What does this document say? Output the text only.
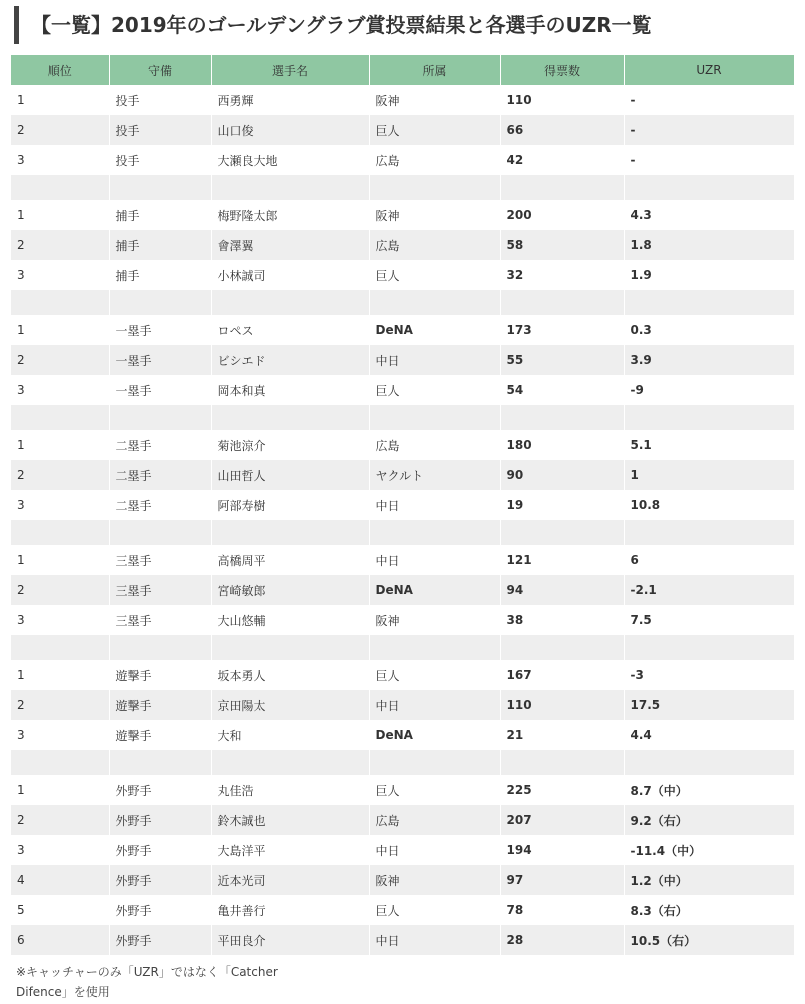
【一覧】2019年のゴールデングラブ賞投票結果と各選手のUZR一覧
順位	守備	選手名	所属	得票数	UZR
1	投手	西勇輝	阪神	110	-
2	投手	山口俊	巨人	66	-
3	投手	大瀬良大地	広島	42	-

1	捕手	梅野隆太郎	阪神	200	4.3
2	捕手	會澤翼	広島	58	1.8
3	捕手	小林誠司	巨人	32	1.9

1	一塁手	ロペス	DeNA	173	0.3
2	一塁手	ビシエド	中日	55	3.9
3	一塁手	岡本和真	巨人	54	-9

1	二塁手	菊池涼介	広島	180	5.1
2	二塁手	山田哲人	ヤクルト	90	1
3	二塁手	阿部寿樹	中日	19	10.8

1	三塁手	高橋周平	中日	121	6
2	三塁手	宮崎敏郎	DeNA	94	-2.1
3	三塁手	大山悠輔	阪神	38	7.5

1	遊撃手	坂本勇人	巨人	167	-3
2	遊撃手	京田陽太	中日	110	17.5
3	遊撃手	大和	DeNA	21	4.4

1	外野手	丸佳浩	巨人	225	8.7（中）
2	外野手	鈴木誠也	広島	207	9.2（右）
3	外野手	大島洋平	中日	194	-11.4（中）
4	外野手	近本光司	阪神	97	1.2（中）
5	外野手	亀井善行	巨人	78	8.3（右）
6	外野手	平田良介	中日	28	10.5（右）
※キャッチャーのみ「UZR」ではなく「Catcher Difence」を使用
